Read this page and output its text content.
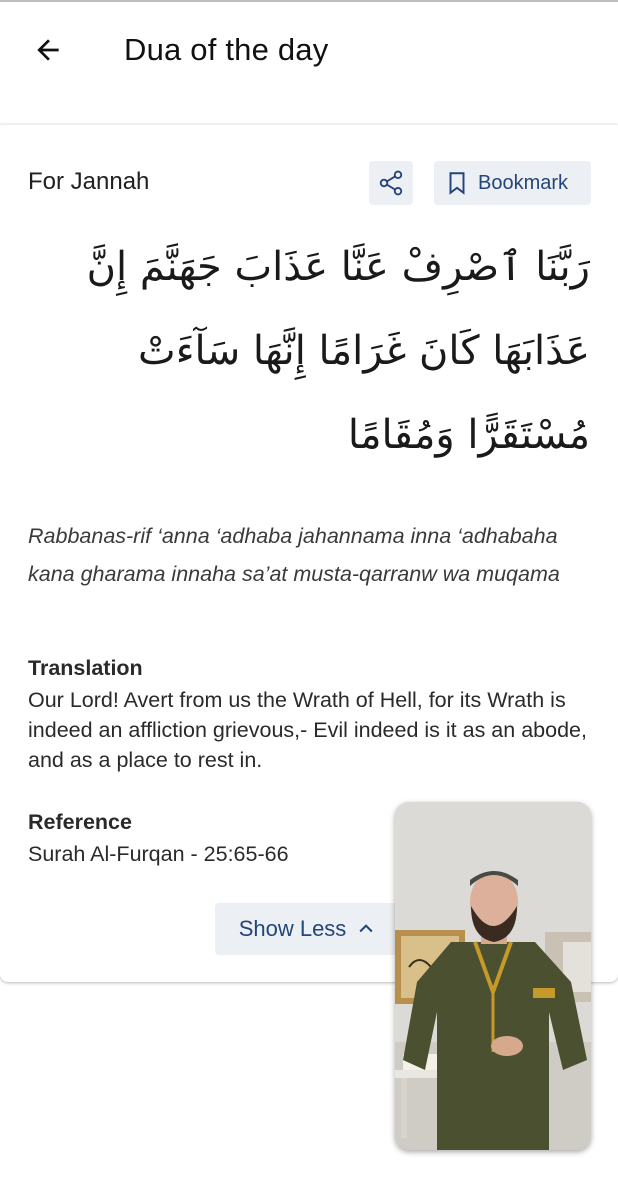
Dua of the day
For Jannah	Bookmark
رَبَّنَا ٱصْرِفْ عَنَّا عَذَابَ جَهَنَّمَ إِنَّ عَذَابَهَا كَانَ غَرَامًا إِنَّهَا سَآءَتْ مُسْتَقَرًّا وَمُقَامًا
Rabbanas-rif ‘anna ‘adhaba jahannama inna ‘adhabaha kana gharama innaha sa’at musta-qarranw wa muqama
Translation
Our Lord! Avert from us the Wrath of Hell, for its Wrath is indeed an affliction grievous,- Evil indeed is it as an abode, and as a place to rest in.
Reference
Surah Al-Furqan - 25:65-66
Show Less
